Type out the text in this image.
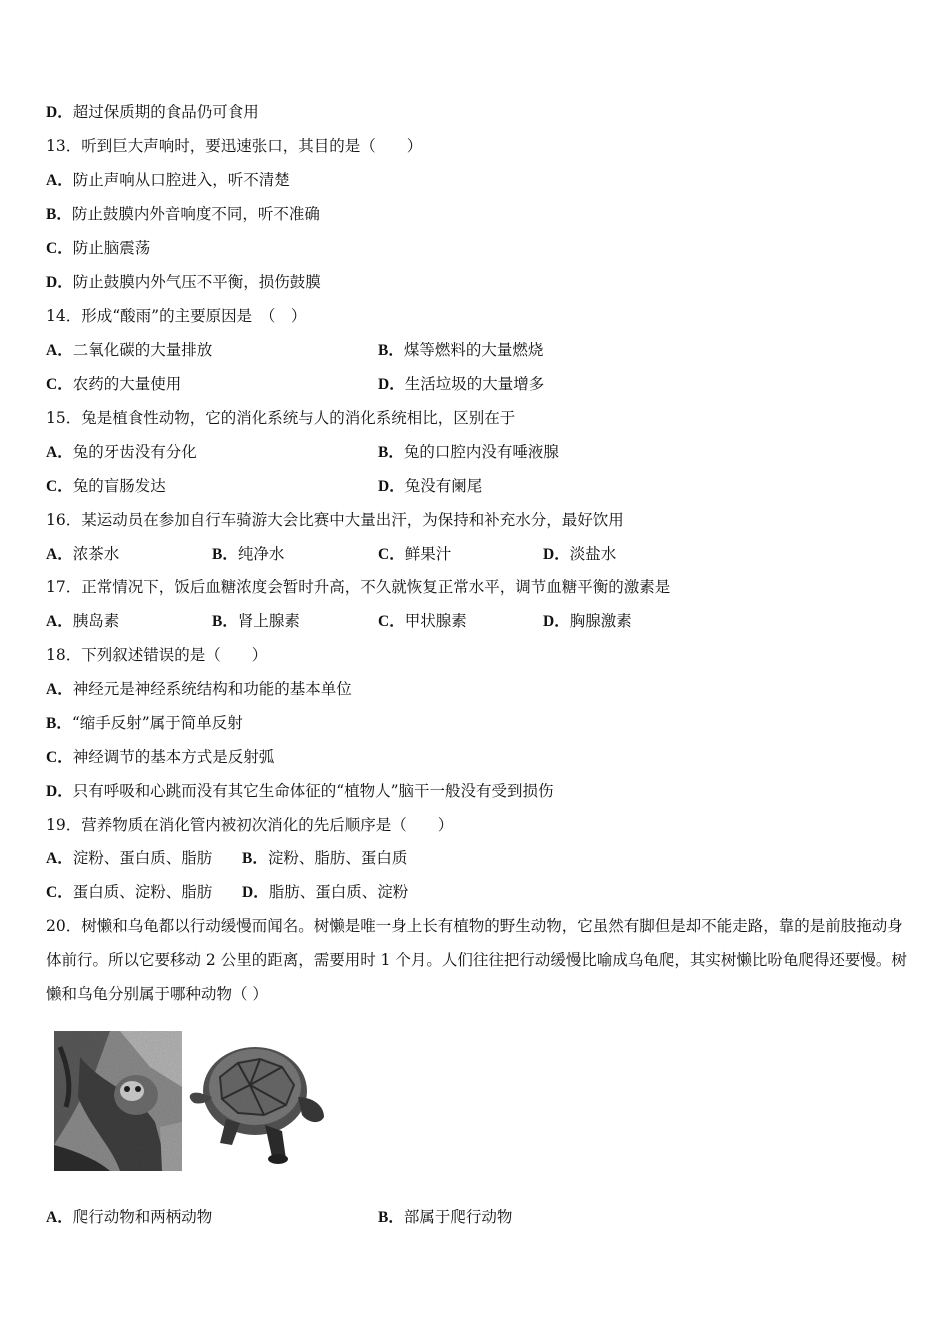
D．超过保质期的食品仍可食用
13．听到巨大声响时，要迅速张口，其目的是（　　）
A．防止声响从口腔进入，听不清楚
B．防止鼓膜内外音响度不同，听不准确
C．防止脑震荡
D．防止鼓膜内外气压不平衡，损伤鼓膜
14．形成“酸雨”的主要原因是　（　）
A．二氧化碳的大量排放	B．煤等燃料的大量燃烧
C．农药的大量使用	D．生活垃圾的大量增多
15．兔是植食性动物，它的消化系统与人的消化系统相比，区别在于
A．兔的牙齿没有分化	B．兔的口腔内没有唾液腺
C．兔的盲肠发达	D．兔没有阑尾
16．某运动员在参加自行车骑游大会比赛中大量出汗，为保持和补充水分，最好饮用
A．浓茶水	B．纯净水	C．鲜果汁	D．淡盐水
17．正常情况下，饭后血糖浓度会暂时升高，不久就恢复正常水平，调节血糖平衡的激素是
A．胰岛素	B．肾上腺素	C．甲状腺素	D．胸腺激素
18．下列叙述错误的是（　　）
A．神经元是神经系统结构和功能的基本单位
B．“缩手反射”属于简单反射
C．神经调节的基本方式是反射弧
D．只有呼吸和心跳而没有其它生命体征的“植物人”脑干一般没有受到损伤
19．营养物质在消化管内被初次消化的先后顺序是（　　）
A．淀粉、蛋白质、脂肪 B．淀粉、脂肪、蛋白质
C．蛋白质、淀粉、脂肪 D．脂肪、蛋白质、淀粉
20．树懒和乌龟都以行动缓慢而闻名。树懒是唯一身上长有植物的野生动物，它虽然有脚但是却不能走路，靠的是前肢拖动身体前行。所以它要移动 2 公里的距离，需要用时 1 个月。人们往往把行动缓慢比喻成乌龟爬，其实树懒比吩龟爬得还要慢。树懒和乌龟分别属于哪种动物（ ）
A．爬行动物和两柄动物	B．部属于爬行动物
